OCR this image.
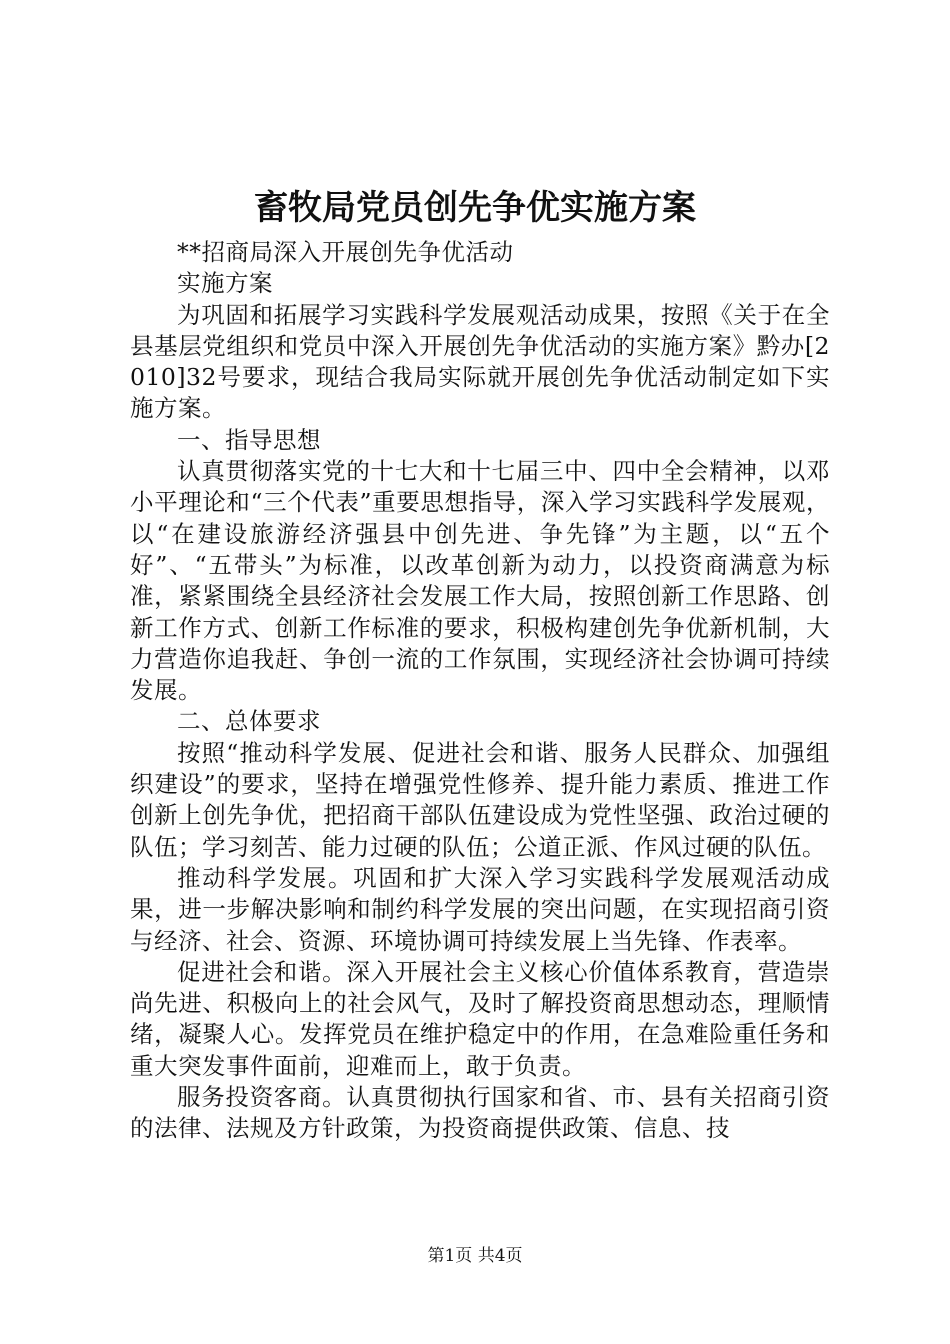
畜牧局党员创先争优实施方案

**招商局深入开展创先争优活动

实施方案

为巩固和拓展学习实践科学发展观活动成果，按照《关于在全县基层党组织和党员中深入开展创先争优活动的实施方案》黔办[2010]32号要求，现结合我局实际就开展创先争优活动制定如下实施方案。

一、指导思想

认真贯彻落实党的十七大和十七届三中、四中全会精神，以邓小平理论和“三个代表”重要思想指导，深入学习实践科学发展观，以“在建设旅游经济强县中创先进、争先锋”为主题，以“五个好”、“五带头”为标准，以改革创新为动力，以投资商满意为标准，紧紧围绕全县经济社会发展工作大局，按照创新工作思路、创新工作方式、创新工作标准的要求，积极构建创先争优新机制，大力营造你追我赶、争创一流的工作氛围，实现经济社会协调可持续发展。

二、总体要求

按照“推动科学发展、促进社会和谐、服务人民群众、加强组织建设”的要求，坚持在增强党性修养、提升能力素质、推进工作创新上创先争优，把招商干部队伍建设成为党性坚强、政治过硬的队伍；学习刻苦、能力过硬的队伍；公道正派、作风过硬的队伍。

推动科学发展。巩固和扩大深入学习实践科学发展观活动成果，进一步解决影响和制约科学发展的突出问题，在实现招商引资与经济、社会、资源、环境协调可持续发展上当先锋、作表率。

促进社会和谐。深入开展社会主义核心价值体系教育，营造崇尚先进、积极向上的社会风气，及时了解投资商思想动态，理顺情绪，凝聚人心。发挥党员在维护稳定中的作用，在急难险重任务和重大突发事件面前，迎难而上，敢于负责。

服务投资客商。认真贯彻执行国家和省、市、县有关招商引资的法律、法规及方针政策，为投资商提供政策、信息、技

第1页 共4页
